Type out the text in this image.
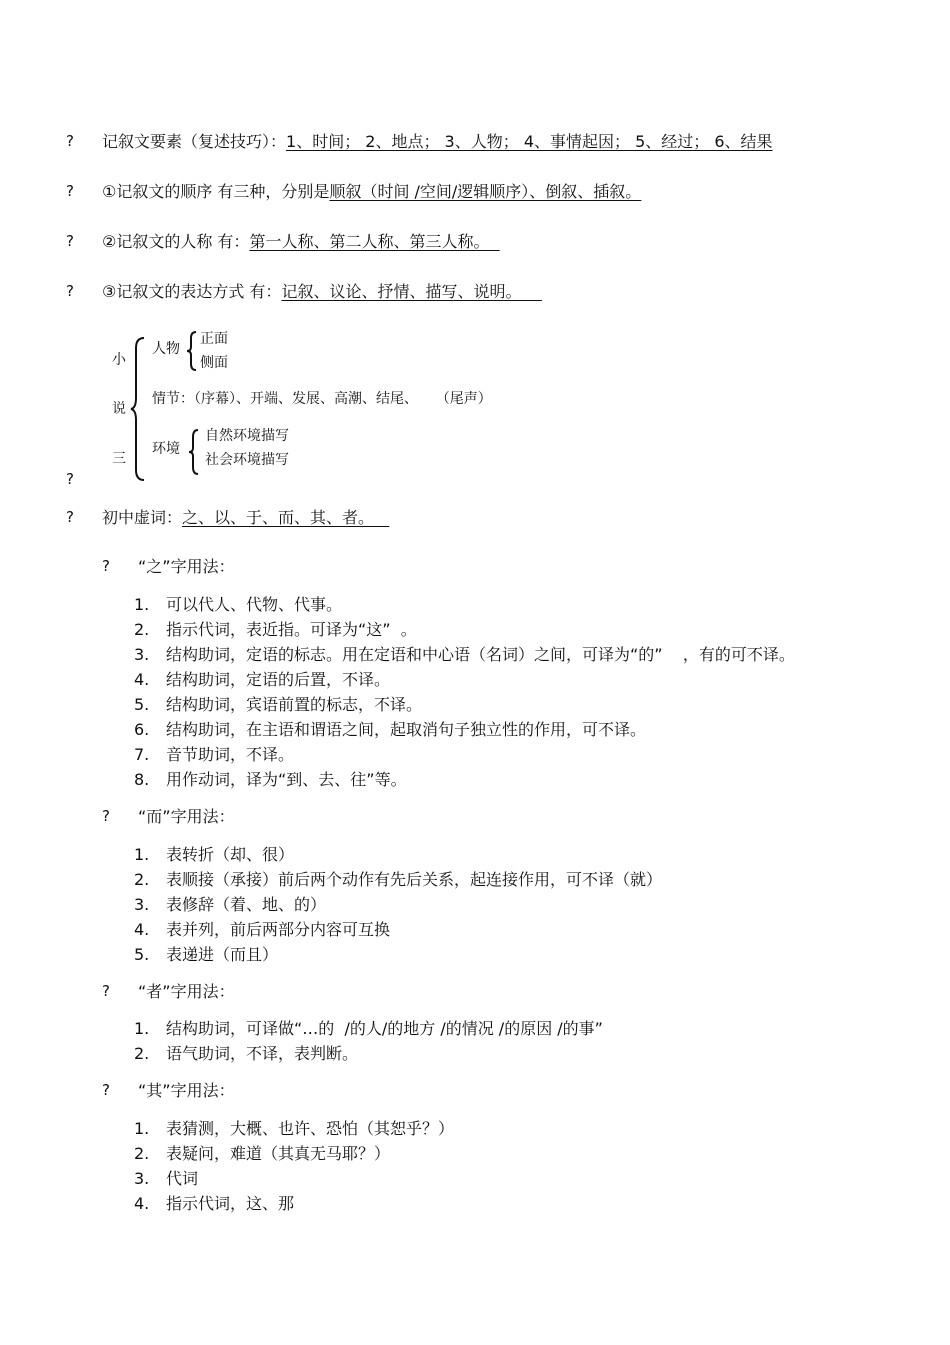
?	记叙文要素（复述技巧）：1、时间； 2、地点； 3、人物； 4、事情起因； 5、经过； 6、结果
?	①记叙文的顺序 有三种，分别是顺叙（时间 /空间/逻辑顺序）、倒叙、插叙。
?	②记叙文的人称 有：第一人称、第二人称、第三人称。
?	③记叙文的表达方式 有：记叙、议论、抒情、描写、说明。
小
说
三
人物
正面
侧面
情节：（序幕）、开端、发展、高潮、结尾、    （尾声）
环境
自然环境描写
社会环境描写
?
?	初中虚词：之、以、于、而、其、者。
?	“之”字用法：
1. 可以代人、代物、代事。
2. 指示代词，表近指。可译为“这”  。
3. 结构助词，定语的标志。用在定语和中心语（名词）之间，可译为“的”    ，有的可不译。
4. 结构助词，定语的后置，不译。
5. 结构助词，宾语前置的标志，不译。
6. 结构助词，在主语和谓语之间，起取消句子独立性的作用，可不译。
7. 音节助词，不译。
8. 用作动词，译为“到、去、往”等。
?	“而”字用法：
1. 表转折（却、很）
2. 表顺接（承接）前后两个动作有先后关系，起连接作用，可不译（就）
3. 表修辞（着、地、的）
4. 表并列，前后两部分内容可互换
5. 表递进（而且）
?	“者”字用法：
1. 结构助词，可译做“…的  /的人/的地方 /的情况 /的原因 /的事”
2. 语气助词，不译，表判断。
?	“其”字用法：
1. 表猜测，大概、也许、恐怕（其恕乎？）
2. 表疑问，难道（其真无马耶？）
3. 代词
4. 指示代词，这、那
